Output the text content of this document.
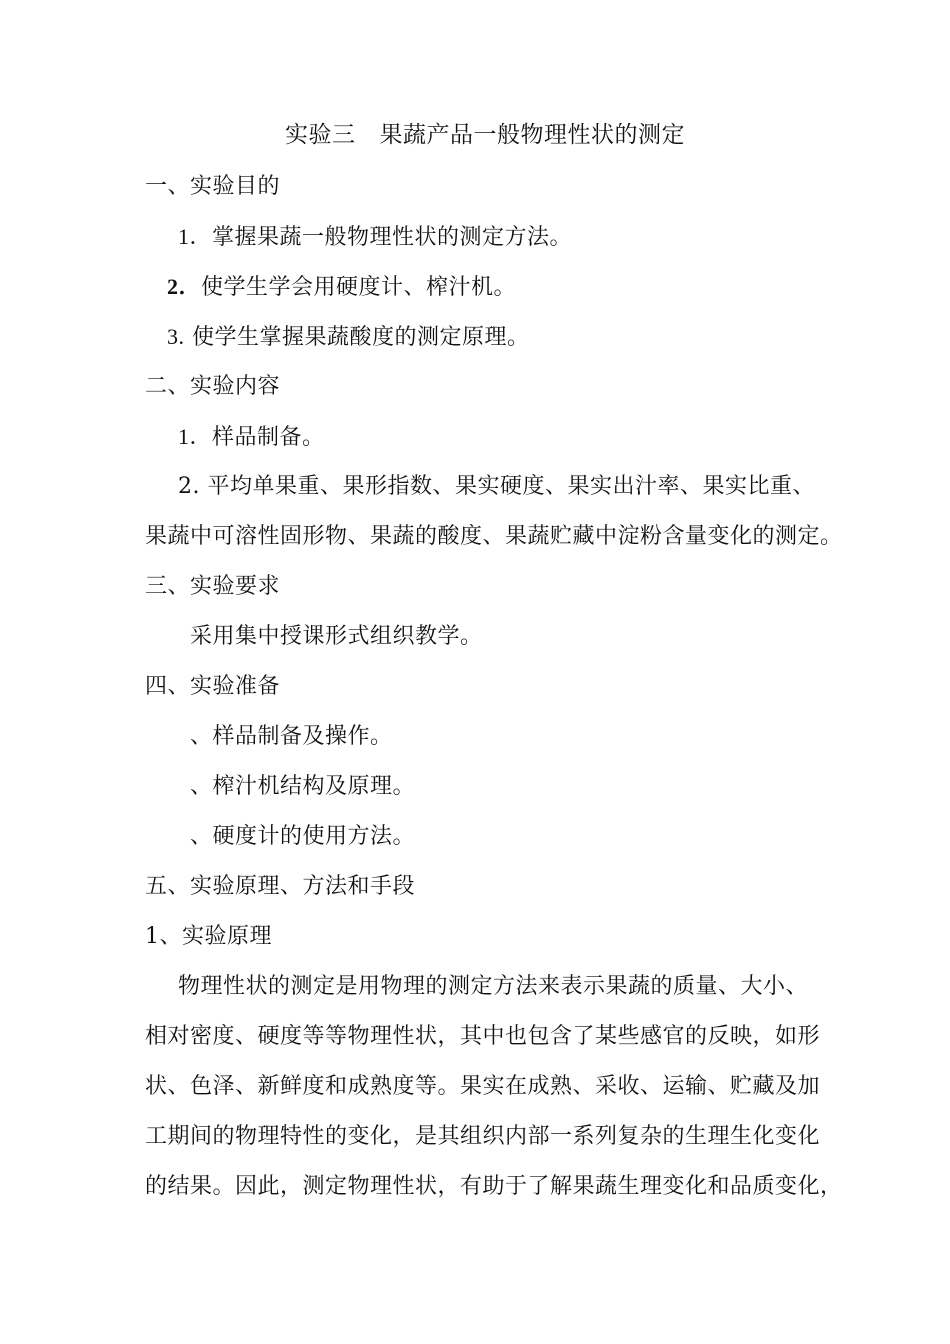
实验三 果蔬产品一般物理性状的测定
一、实验目的
1．掌握果蔬一般物理性状的测定方法。
2．使学生学会用硬度计、榨汁机。
3. 使学生掌握果蔬酸度的测定原理。
二、实验内容
1．样品制备。
2. 平均单果重、果形指数、果实硬度、果实出汁率、果实比重、
果蔬中可溶性固形物、果蔬的酸度、果蔬贮藏中淀粉含量变化的测定。
三、实验要求
采用集中授课形式组织教学。
四、实验准备
、样品制备及操作。
、榨汁机结构及原理。
、硬度计的使用方法。
五、实验原理、方法和手段
1、实验原理
物理性状的测定是用物理的测定方法来表示果蔬的质量、大小、
相对密度、硬度等等物理性状，其中也包含了某些感官的反映，如形
状、色泽、新鲜度和成熟度等。果实在成熟、采收、运输、贮藏及加
工期间的物理特性的变化，是其组织内部一系列复杂的生理生化变化
的结果。因此，测定物理性状，有助于了解果蔬生理变化和品质变化，
